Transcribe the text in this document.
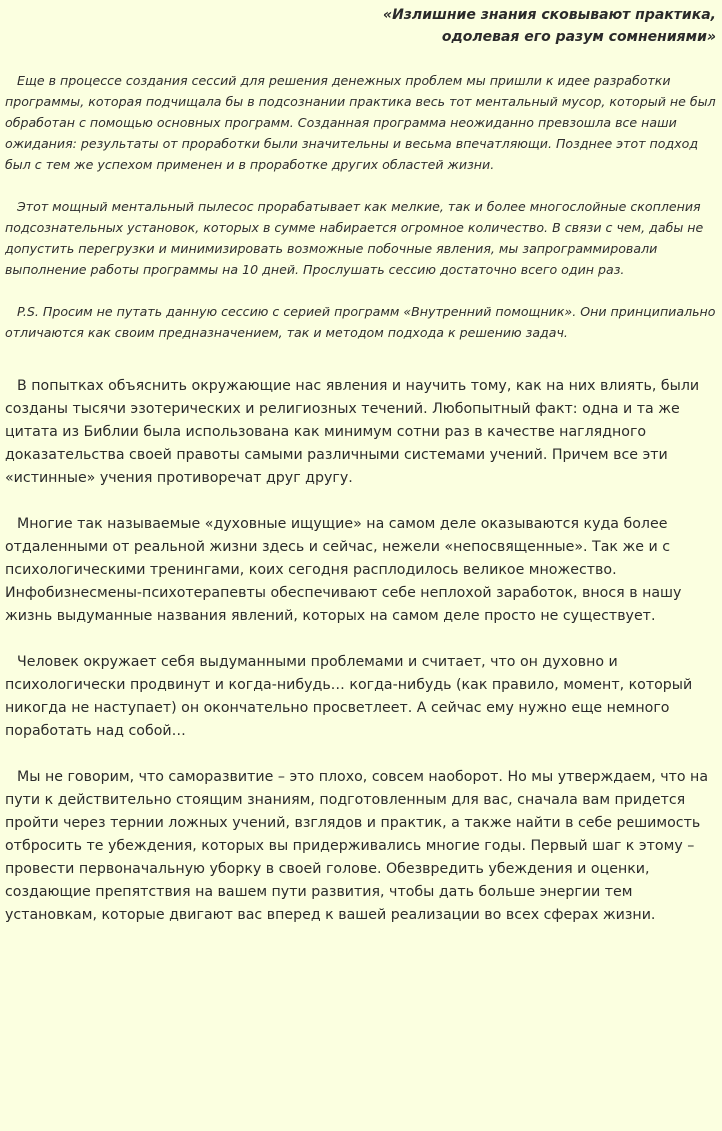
«Излишние знания сковывают практика,
одолевая его разум сомнениями»

Еще в процессе создания сессий для решения денежных проблем мы пришли к идее разработки программы, которая подчищала бы в подсознании практика весь тот ментальный мусор, который не был обработан с помощью основных программ. Созданная программа неожиданно превзошла все наши ожидания: результаты от проработки были значительны и весьма впечатляющи. Позднее этот подход был с тем же успехом применен и в проработке других областей жизни.

Этот мощный ментальный пылесос прорабатывает как мелкие, так и более многослойные скопления подсознательных установок, которых в сумме набирается огромное количество. В связи с чем, дабы не допустить перегрузки и минимизировать возможные побочные явления, мы запрограммировали выполнение работы программы на 10 дней. Прослушать сессию достаточно всего один раз.

P.S. Просим не путать данную сессию с серией программ «Внутренний помощник». Они принципиально отличаются как своим предназначением, так и методом подхода к решению задач.

В попытках объяснить окружающие нас явления и научить тому, как на них влиять, были созданы тысячи эзотерических и религиозных течений. Любопытный факт: одна и та же цитата из Библии была использована как минимум сотни раз в качестве наглядного доказательства своей правоты самыми различными системами учений. Причем все эти «истинные» учения противоречат друг другу.

Многие так называемые «духовные ищущие» на самом деле оказываются куда более отдаленными от реальной жизни здесь и сейчас, нежели «непосвященные». Так же и с психологическими тренингами, коих сегодня расплодилось великое множество. Инфобизнесмены-психотерапевты обеспечивают себе неплохой заработок, внося в нашу жизнь выдуманные названия явлений, которых на самом деле просто не существует.

Человек окружает себя выдуманными проблемами и считает, что он духовно и психологически продвинут и когда-нибудь… когда-нибудь (как правило, момент, который никогда не наступает) он окончательно просветлеет. А сейчас ему нужно еще немного поработать над собой…

Мы не говорим, что саморазвитие – это плохо, совсем наоборот. Но мы утверждаем, что на пути к действительно стоящим знаниям, подготовленным для вас, сначала вам придется пройти через тернии ложных учений, взглядов и практик, а также найти в себе решимость отбросить те убеждения, которых вы придерживались многие годы. Первый шаг к этому – провести первоначальную уборку в своей голове. Обезвредить убеждения и оценки, создающие препятствия на вашем пути развития, чтобы дать больше энергии тем установкам, которые двигают вас вперед к вашей реализации во всех сферах жизни.
